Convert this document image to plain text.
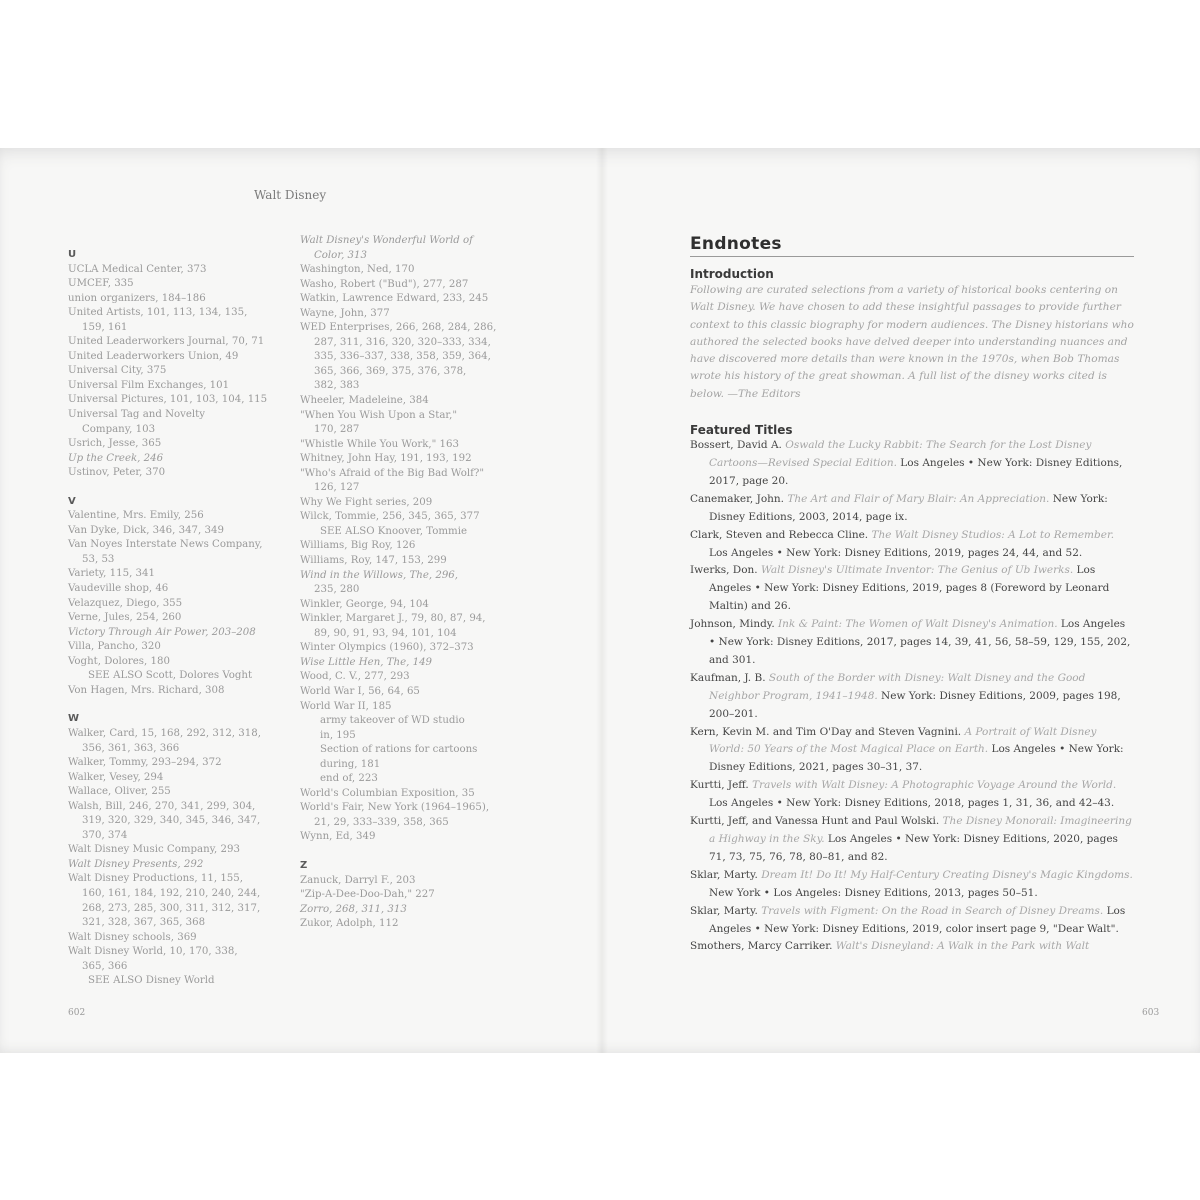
Walt Disney
U
UCLA Medical Center, 373
UMCEF, 335
union organizers, 184–186
United Artists, 101, 113, 134, 135,
159, 161
United Leaderworkers Journal, 70, 71
United Leaderworkers Union, 49
Universal City, 375
Universal Film Exchanges, 101
Universal Pictures, 101, 103, 104, 115
Universal Tag and Novelty
Company, 103
Usrich, Jesse, 365
Up the Creek, 246
Ustinov, Peter, 370
V
Valentine, Mrs. Emily, 256
Van Dyke, Dick, 346, 347, 349
Van Noyes Interstate News Company,
53, 53
Variety, 115, 341
Vaudeville shop, 46
Velazquez, Diego, 355
Verne, Jules, 254, 260
Victory Through Air Power, 203–208
Villa, Pancho, 320
Voght, Dolores, 180
SEE ALSO Scott, Dolores Voght
Von Hagen, Mrs. Richard, 308
W
Walker, Card, 15, 168, 292, 312, 318,
356, 361, 363, 366
Walker, Tommy, 293–294, 372
Walker, Vesey, 294
Wallace, Oliver, 255
Walsh, Bill, 246, 270, 341, 299, 304,
319, 320, 329, 340, 345, 346, 347,
370, 374
Walt Disney Music Company, 293
Walt Disney Presents, 292
Walt Disney Productions, 11, 155,
160, 161, 184, 192, 210, 240, 244,
268, 273, 285, 300, 311, 312, 317,
321, 328, 367, 365, 368
Walt Disney schools, 369
Walt Disney World, 10, 170, 338,
365, 366
SEE ALSO Disney World
Walt Disney's Wonderful World of
Color, 313
Washington, Ned, 170
Washo, Robert ("Bud"), 277, 287
Watkin, Lawrence Edward, 233, 245
Wayne, John, 377
WED Enterprises, 266, 268, 284, 286,
287, 311, 316, 320, 320–333, 334,
335, 336–337, 338, 358, 359, 364,
365, 366, 369, 375, 376, 378,
382, 383
Wheeler, Madeleine, 384
"When You Wish Upon a Star,"
170, 287
"Whistle While You Work," 163
Whitney, John Hay, 191, 193, 192
"Who's Afraid of the Big Bad Wolf?"
126, 127
Why We Fight series, 209
Wilck, Tommie, 256, 345, 365, 377
SEE ALSO Knoover, Tommie
Williams, Big Roy, 126
Williams, Roy, 147, 153, 299
Wind in the Willows, The, 296,
235, 280
Winkler, George, 94, 104
Winkler, Margaret J., 79, 80, 87, 94,
89, 90, 91, 93, 94, 101, 104
Winter Olympics (1960), 372–373
Wise Little Hen, The, 149
Wood, C. V., 277, 293
World War I, 56, 64, 65
World War II, 185
army takeover of WD studio
in, 195
Section of rations for cartoons
during, 181
end of, 223
World's Columbian Exposition, 35
World's Fair, New York (1964–1965),
21, 29, 333–339, 358, 365
Wynn, Ed, 349
Z
Zanuck, Darryl F., 203
"Zip-A-Dee-Doo-Dah," 227
Zorro, 268, 311, 313
Zukor, Adolph, 112
602
Endnotes
Introduction
Following are curated selections from a variety of historical books centering on Walt Disney. We have chosen to add these insightful passages to provide further context to this classic biography for modern audiences. The Disney historians who authored the selected books have delved deeper into understanding nuances and have discovered more details than were known in the 1970s, when Bob Thomas wrote his history of the great showman. A full list of the disney works cited is below. —The Editors
Featured Titles
Bossert, David A. Oswald the Lucky Rabbit: The Search for the Lost Disney Cartoons—Revised Special Edition. Los Angeles • New York: Disney Editions, 2017, page 20.
Canemaker, John. The Art and Flair of Mary Blair: An Appreciation. New York: Disney Editions, 2003, 2014, page ix.
Clark, Steven and Rebecca Cline. The Walt Disney Studios: A Lot to Remember. Los Angeles • New York: Disney Editions, 2019, pages 24, 44, and 52.
Iwerks, Don. Walt Disney's Ultimate Inventor: The Genius of Ub Iwerks. Los Angeles • New York: Disney Editions, 2019, pages 8 (Foreword by Leonard Maltin) and 26.
Johnson, Mindy. Ink & Paint: The Women of Walt Disney's Animation. Los Angeles • New York: Disney Editions, 2017, pages 14, 39, 41, 56, 58–59, 129, 155, 202, and 301.
Kaufman, J. B. South of the Border with Disney: Walt Disney and the Good Neighbor Program, 1941–1948. New York: Disney Editions, 2009, pages 198, 200–201.
Kern, Kevin M. and Tim O'Day and Steven Vagnini. A Portrait of Walt Disney World: 50 Years of the Most Magical Place on Earth. Los Angeles • New York: Disney Editions, 2021, pages 30–31, 37.
Kurtti, Jeff. Travels with Walt Disney: A Photographic Voyage Around the World. Los Angeles • New York: Disney Editions, 2018, pages 1, 31, 36, and 42–43.
Kurtti, Jeff, and Vanessa Hunt and Paul Wolski. The Disney Monorail: Imagineering a Highway in the Sky. Los Angeles • New York: Disney Editions, 2020, pages 71, 73, 75, 76, 78, 80–81, and 82.
Sklar, Marty. Dream It! Do It! My Half-Century Creating Disney's Magic Kingdoms. New York • Los Angeles: Disney Editions, 2013, pages 50–51.
Sklar, Marty. Travels with Figment: On the Road in Search of Disney Dreams. Los Angeles • New York: Disney Editions, 2019, color insert page 9, "Dear Walt".
Smothers, Marcy Carriker. Walt's Disneyland: A Walk in the Park with Walt
603
